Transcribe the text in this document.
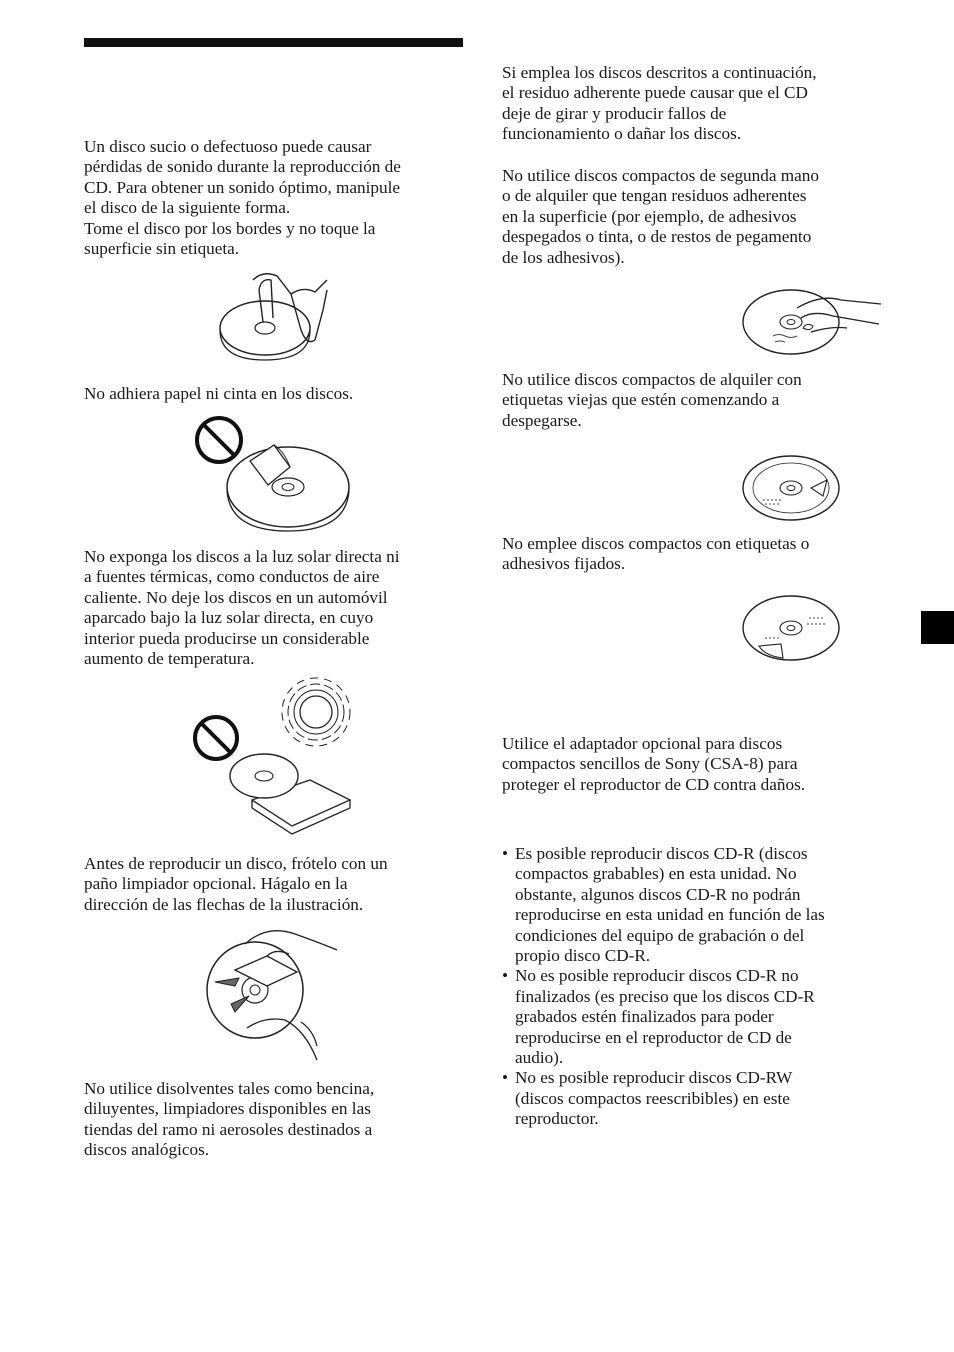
Un disco sucio o defectuoso puede causar
pérdidas de sonido durante la reproducción de
CD. Para obtener un sonido óptimo, manipule
el disco de la siguiente forma.
Tome el disco por los bordes y no toque la
superficie sin etiqueta.

No adhiera papel ni cinta en los discos.

No exponga los discos a la luz solar directa ni
a fuentes térmicas, como conductos de aire
caliente. No deje los discos en un automóvil
aparcado bajo la luz solar directa, en cuyo
interior pueda producirse un considerable
aumento de temperatura.

Antes de reproducir un disco, frótelo con un
paño limpiador opcional. Hágalo en la
dirección de las flechas de la ilustración.

No utilice disolventes tales como bencina,
diluyentes, limpiadores disponibles en las
tiendas del ramo ni aerosoles destinados a
discos analógicos.

Si emplea los discos descritos a continuación,
el residuo adherente puede causar que el CD
deje de girar y producir fallos de
funcionamiento o dañar los discos.

No utilice discos compactos de segunda mano
o de alquiler que tengan residuos adherentes
en la superficie (por ejemplo, de adhesivos
despegados o tinta, o de restos de pegamento
de los adhesivos).

No utilice discos compactos de alquiler con
etiquetas viejas que estén comenzando a
despegarse.

No emplee discos compactos con etiquetas o
adhesivos fijados.

Utilice el adaptador opcional para discos
compactos sencillos de Sony (CSA-8) para
proteger el reproductor de CD contra daños.

• Es posible reproducir discos CD-R (discos
compactos grabables) en esta unidad. No
obstante, algunos discos CD-R no podrán
reproducirse en esta unidad en función de las
condiciones del equipo de grabación o del
propio disco CD-R.
• No es posible reproducir discos CD-R no
finalizados (es preciso que los discos CD-R
grabados estén finalizados para poder
reproducirse en el reproductor de CD de
audio).
• No es posible reproducir discos CD-RW
(discos compactos reescribibles) en este
reproductor.
